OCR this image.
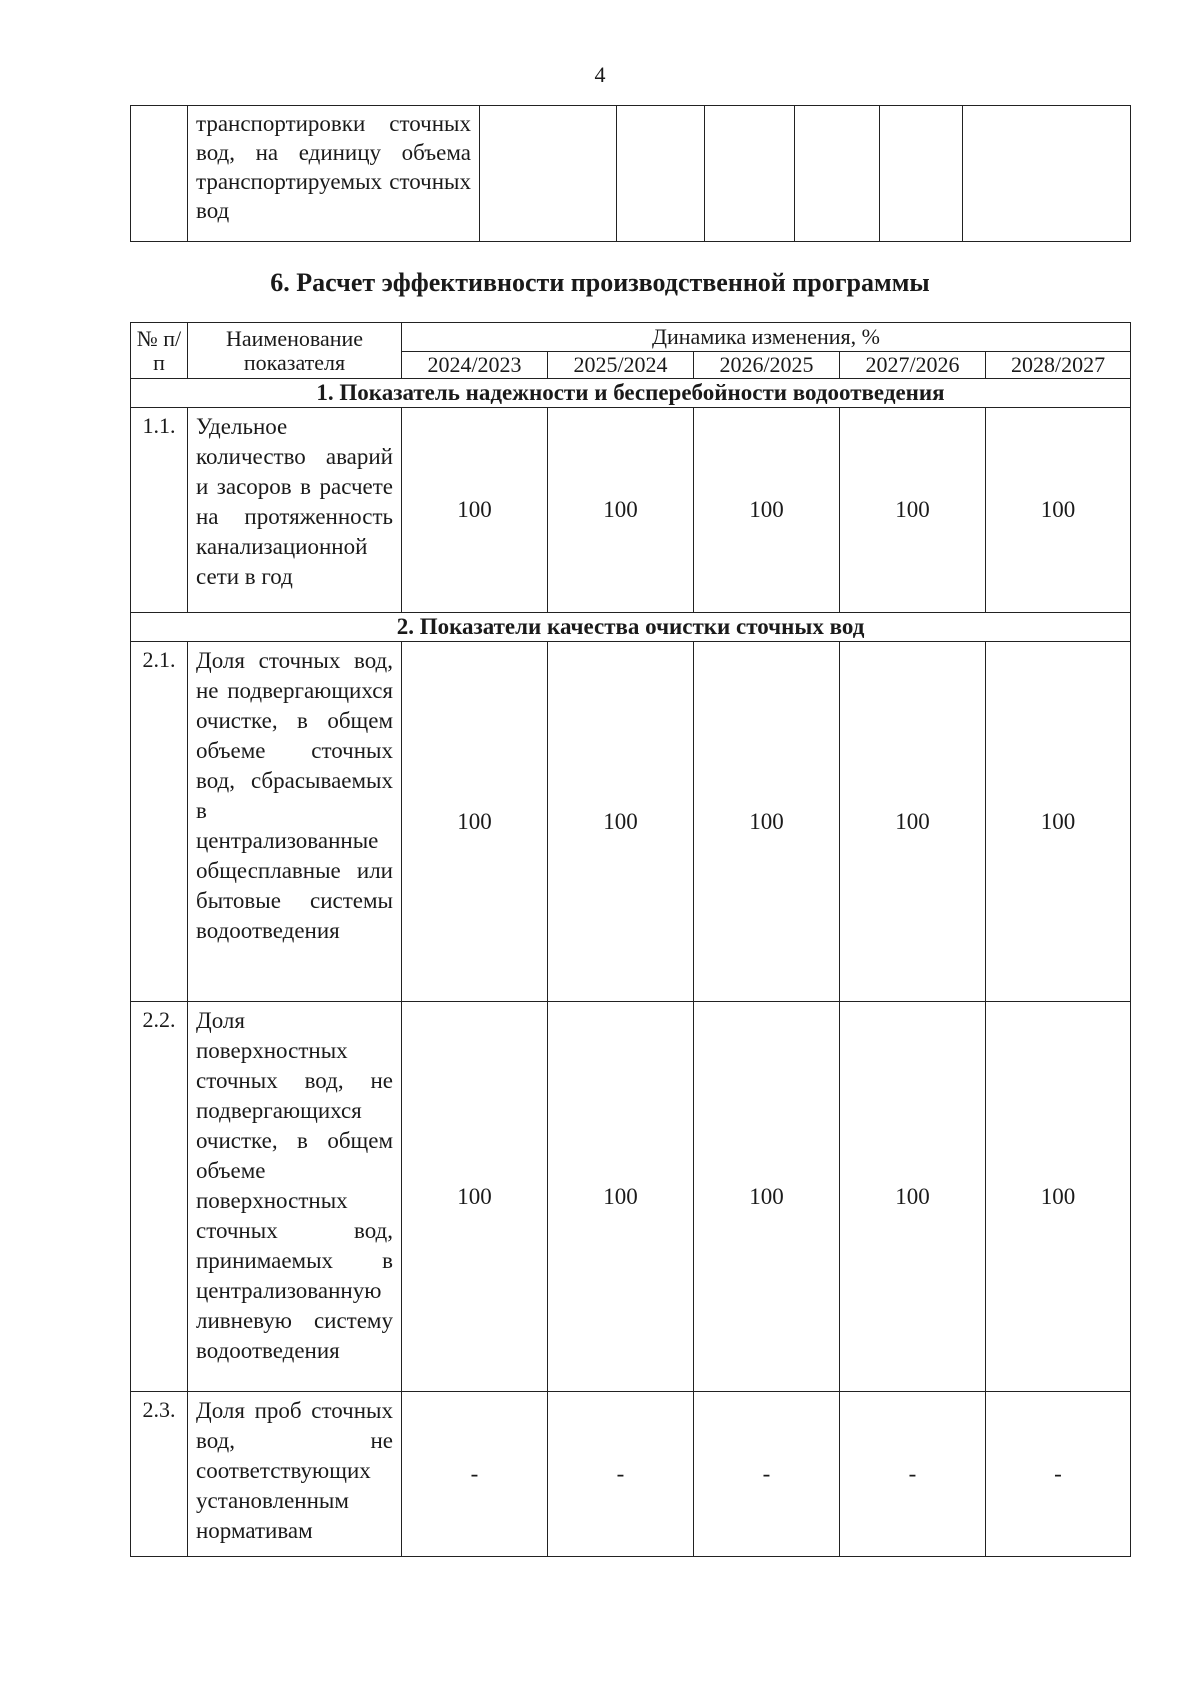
4

транспортировки сточных вод, на единицу объема транспортируемых сточных вод

6. Расчет эффективности производственной программы
№ п/п	Наименование показателя	Динамика изменения, %				
		2024/2023	2025/2024	2026/2025	2027/2026	2028/2027
1. Показатель надежности и бесперебойности водоотведения						
1.1.	Удельное количество аварий и засоров в расчете на протяженность канализационной сети в год	100	100	100	100	100
2. Показатели качества очистки сточных вод						
2.1.	Доля сточных вод, не подвергающихся очистке, в общем объеме сточных вод, сбрасываемых в централизованные общесплавные или бытовые системы водоотведения	100	100	100	100	100
2.2.	Доля поверхностных сточных вод, не подвергающихся очистке, в общем объеме поверхностных сточных вод, принимаемых в централизованную ливневую систему водоотведения	100	100	100	100	100
2.3.	Доля проб сточных вод, не соответствующих установленным нормативам	-	-	-	-	-
